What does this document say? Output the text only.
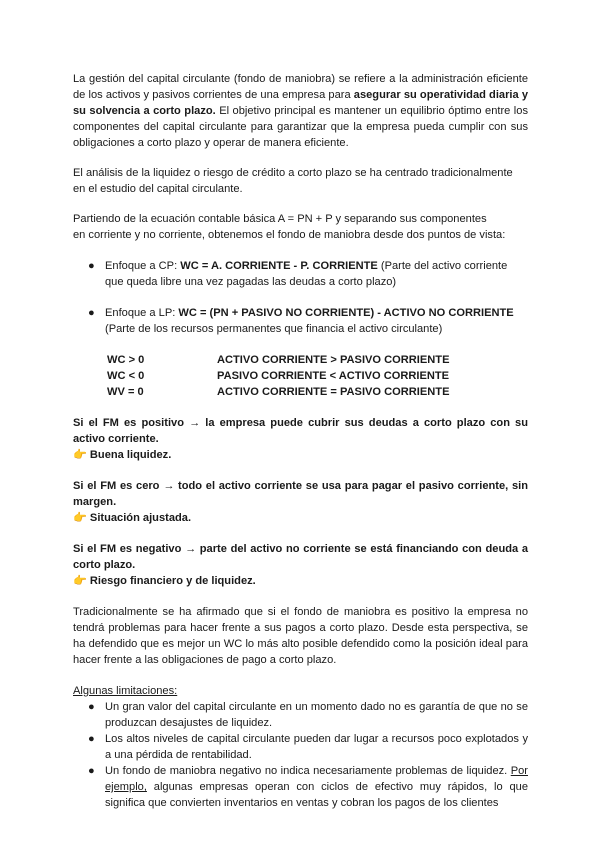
La gestión del capital circulante (fondo de maniobra) se refiere a la administración eficiente de los activos y pasivos corrientes de una empresa para asegurar su operatividad diaria y su solvencia a corto plazo. El objetivo principal es mantener un equilibrio óptimo entre los componentes del capital circulante para garantizar que la empresa pueda cumplir con sus obligaciones a corto plazo y operar de manera eficiente.

El análisis de la liquidez o riesgo de crédito a corto plazo se ha centrado tradicionalmente en el estudio del capital circulante.

Partiendo de la ecuación contable básica A = PN + P y separando sus componentes
en corriente y no corriente, obtenemos el fondo de maniobra desde dos puntos de vista:

● Enfoque a CP: WC = A. CORRIENTE - P. CORRIENTE (Parte del activo corriente que queda libre una vez pagadas las deudas a corto plazo)
● Enfoque a LP: WC = (PN + PASIVO NO CORRIENTE) - ACTIVO NO CORRIENTE (Parte de los recursos permanentes que financia el activo circulante)
WC > 0	ACTIVO CORRIENTE > PASIVO CORRIENTE
WC < 0	PASIVO CORRIENTE < ACTIVO CORRIENTE
WV = 0	ACTIVO CORRIENTE = PASIVO CORRIENTE

Si el FM es positivo → la empresa puede cubrir sus deudas a corto plazo con su activo corriente.

👉 Buena liquidez.

Si el FM es cero → todo el activo corriente se usa para pagar el pasivo corriente, sin margen.

👉 Situación ajustada.

Si el FM es negativo → parte del activo no corriente se está financiando con deuda a corto plazo.

👉 Riesgo financiero y de liquidez.

Tradicionalmente se ha afirmado que si el fondo de maniobra es positivo la empresa no tendrá problemas para hacer frente a sus pagos a corto plazo. Desde esta perspectiva, se ha defendido que es mejor un WC lo más alto posible defendido como la posición ideal para hacer frente a las obligaciones de pago a corto plazo.

Algunas limitaciones:

● Un gran valor del capital circulante en un momento dado no es garantía de que no se produzcan desajustes de liquidez.
● Los altos niveles de capital circulante pueden dar lugar a recursos poco explotados y a una pérdida de rentabilidad.
● Un fondo de maniobra negativo no indica necesariamente problemas de liquidez. Por ejemplo, algunas empresas operan con ciclos de efectivo muy rápidos, lo que significa que convierten inventarios en ventas y cobran los pagos de los clientes
